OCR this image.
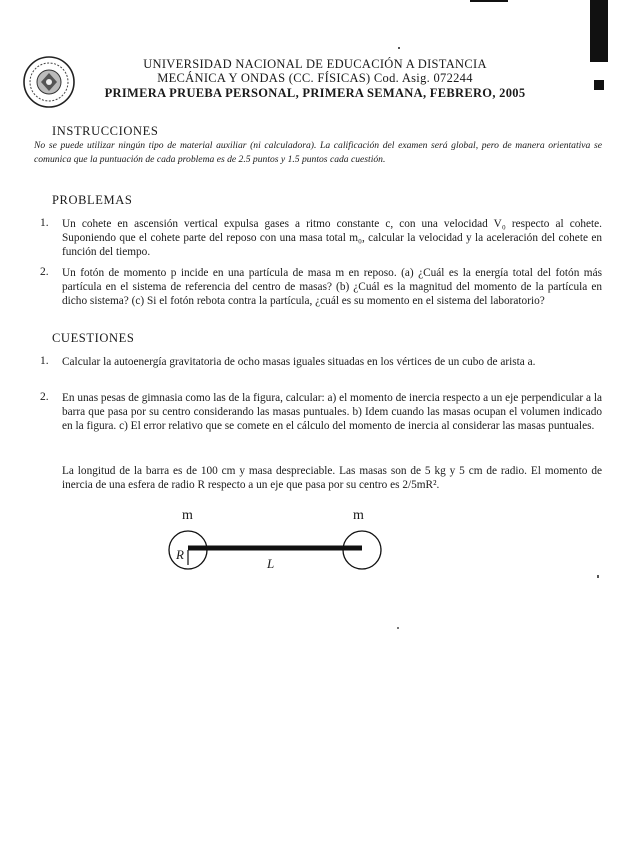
UNIVERSIDAD NACIONAL DE EDUCACIÓN A DISTANCIA
MECÁNICA Y ONDAS (CC. FÍSICAS) Cod. Asig. 072244
PRIMERA PRUEBA PERSONAL, PRIMERA SEMANA, FEBRERO, 2005
INSTRUCCIONES
No se puede utilizar ningún tipo de material auxiliar (ni calculadora). La calificación del examen será global, pero de manera orientativa se comunica que la puntuación de cada problema es de 2.5 puntos y 1.5 puntos cada cuestión.
PROBLEMAS
1. Un cohete en ascensión vertical expulsa gases a ritmo constante c, con una velocidad V₀ respecto al cohete. Suponiendo que el cohete parte del reposo con una masa total m₀, calcular la velocidad y la aceleración del cohete en función del tiempo.
2. Un fotón de momento p incide en una partícula de masa m en reposo. (a) ¿Cuál es la energía total del fotón más partícula en el sistema de referencia del centro de masas? (b) ¿Cuál es la magnitud del momento de la partícula en dicho sistema? (c) Si el fotón rebota contra la partícula, ¿cuál es su momento en el sistema del laboratorio?
CUESTIONES
1. Calcular la autoenergía gravitatoria de ocho masas iguales situadas en los vértices de un cubo de arista a.
2. En unas pesas de gimnasia como las de la figura, calcular: a) el momento de inercia respecto a un eje perpendicular a la barra que pasa por su centro considerando las masas puntuales. b) Idem cuando las masas ocupan el volumen indicado en la figura. c) El error relativo que se comete en el cálculo del momento de inercia al considerar las masas puntuales.
La longitud de la barra es de 100 cm y masa despreciable. Las masas son de 5 kg y 5 cm de radio. El momento de inercia de una esfera de radio R respecto a un eje que pasa por su centro es 2/5mR².
m	m
R
L
